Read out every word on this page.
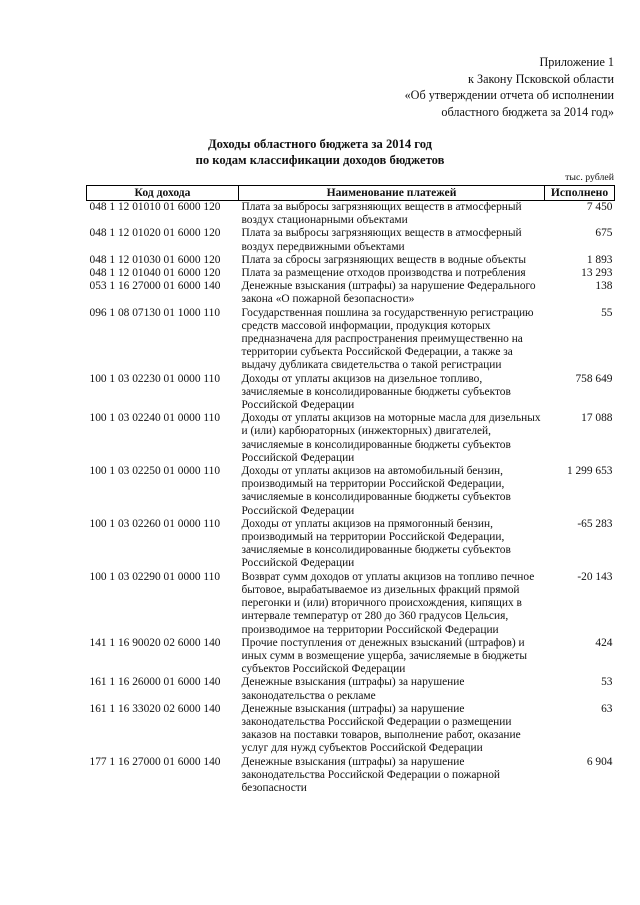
Приложение 1
к Закону Псковской области
«Об утверждении отчета об исполнении
областного бюджета за 2014 год»
Доходы областного бюджета за 2014 год
по кодам классификации доходов бюджетов
тыс. рублей
Код дохода	Наименование платежей	Исполнено
048 1 12 01010 01 6000 120	Плата за выбросы загрязняющих веществ в атмосферный воздух стационарными объектами	7 450
048 1 12 01020 01 6000 120	Плата за выбросы загрязняющих веществ в атмосферный воздух передвижными объектами	675
048 1 12 01030 01 6000 120	Плата за сбросы загрязняющих веществ в водные объекты	1 893
048 1 12 01040 01 6000 120	Плата за размещение отходов производства и потребления	13 293
053 1 16 27000 01 6000 140	Денежные взыскания (штрафы) за нарушение Федерального закона «О пожарной безопасности»	138
096 1 08 07130 01 1000 110	Государственная пошлина за государственную регистрацию средств массовой информации, продукция которых предназначена для распространения преимущественно на территории субъекта Российской Федерации, а также за выдачу дубликата свидетельства о такой регистрации	55
100 1 03 02230 01 0000 110	Доходы от уплаты акцизов на дизельное топливо, зачисляемые в консолидированные бюджеты субъектов Российской Федерации	758 649
100 1 03 02240 01 0000 110	Доходы от уплаты акцизов на моторные масла для дизельных и (или) карбюраторных (инжекторных) двигателей, зачисляемые в консолидированные бюджеты субъектов Российской Федерации	17 088
100 1 03 02250 01 0000 110	Доходы от уплаты акцизов на автомобильный бензин, производимый на территории Российской Федерации, зачисляемые в консолидированные бюджеты субъектов Российской Федерации	1 299 653
100 1 03 02260 01 0000 110	Доходы от уплаты акцизов на прямогонный бензин, производимый на территории Российской Федерации, зачисляемые в консолидированные бюджеты субъектов Российской Федерации	-65 283
100 1 03 02290 01 0000 110	Возврат сумм доходов от уплаты акцизов на топливо печное бытовое, вырабатываемое из дизельных фракций прямой перегонки и (или) вторичного происхождения, кипящих в интервале температур от 280 до 360 градусов Цельсия, производимое на территории Российской Федерации	-20 143
141 1 16 90020 02 6000 140	Прочие поступления от денежных взысканий (штрафов) и иных сумм в возмещение ущерба, зачисляемые в бюджеты субъектов Российской Федерации	424
161 1 16 26000 01 6000 140	Денежные взыскания (штрафы) за нарушение законодательства о рекламе	53
161 1 16 33020 02 6000 140	Денежные взыскания (штрафы) за нарушение законодательства Российской Федерации о размещении заказов на поставки товаров, выполнение работ, оказание услуг для нужд субъектов Российской Федерации	63
177 1 16 27000 01 6000 140	Денежные взыскания (штрафы) за нарушение законодательства Российской Федерации о пожарной безопасности	6 904
